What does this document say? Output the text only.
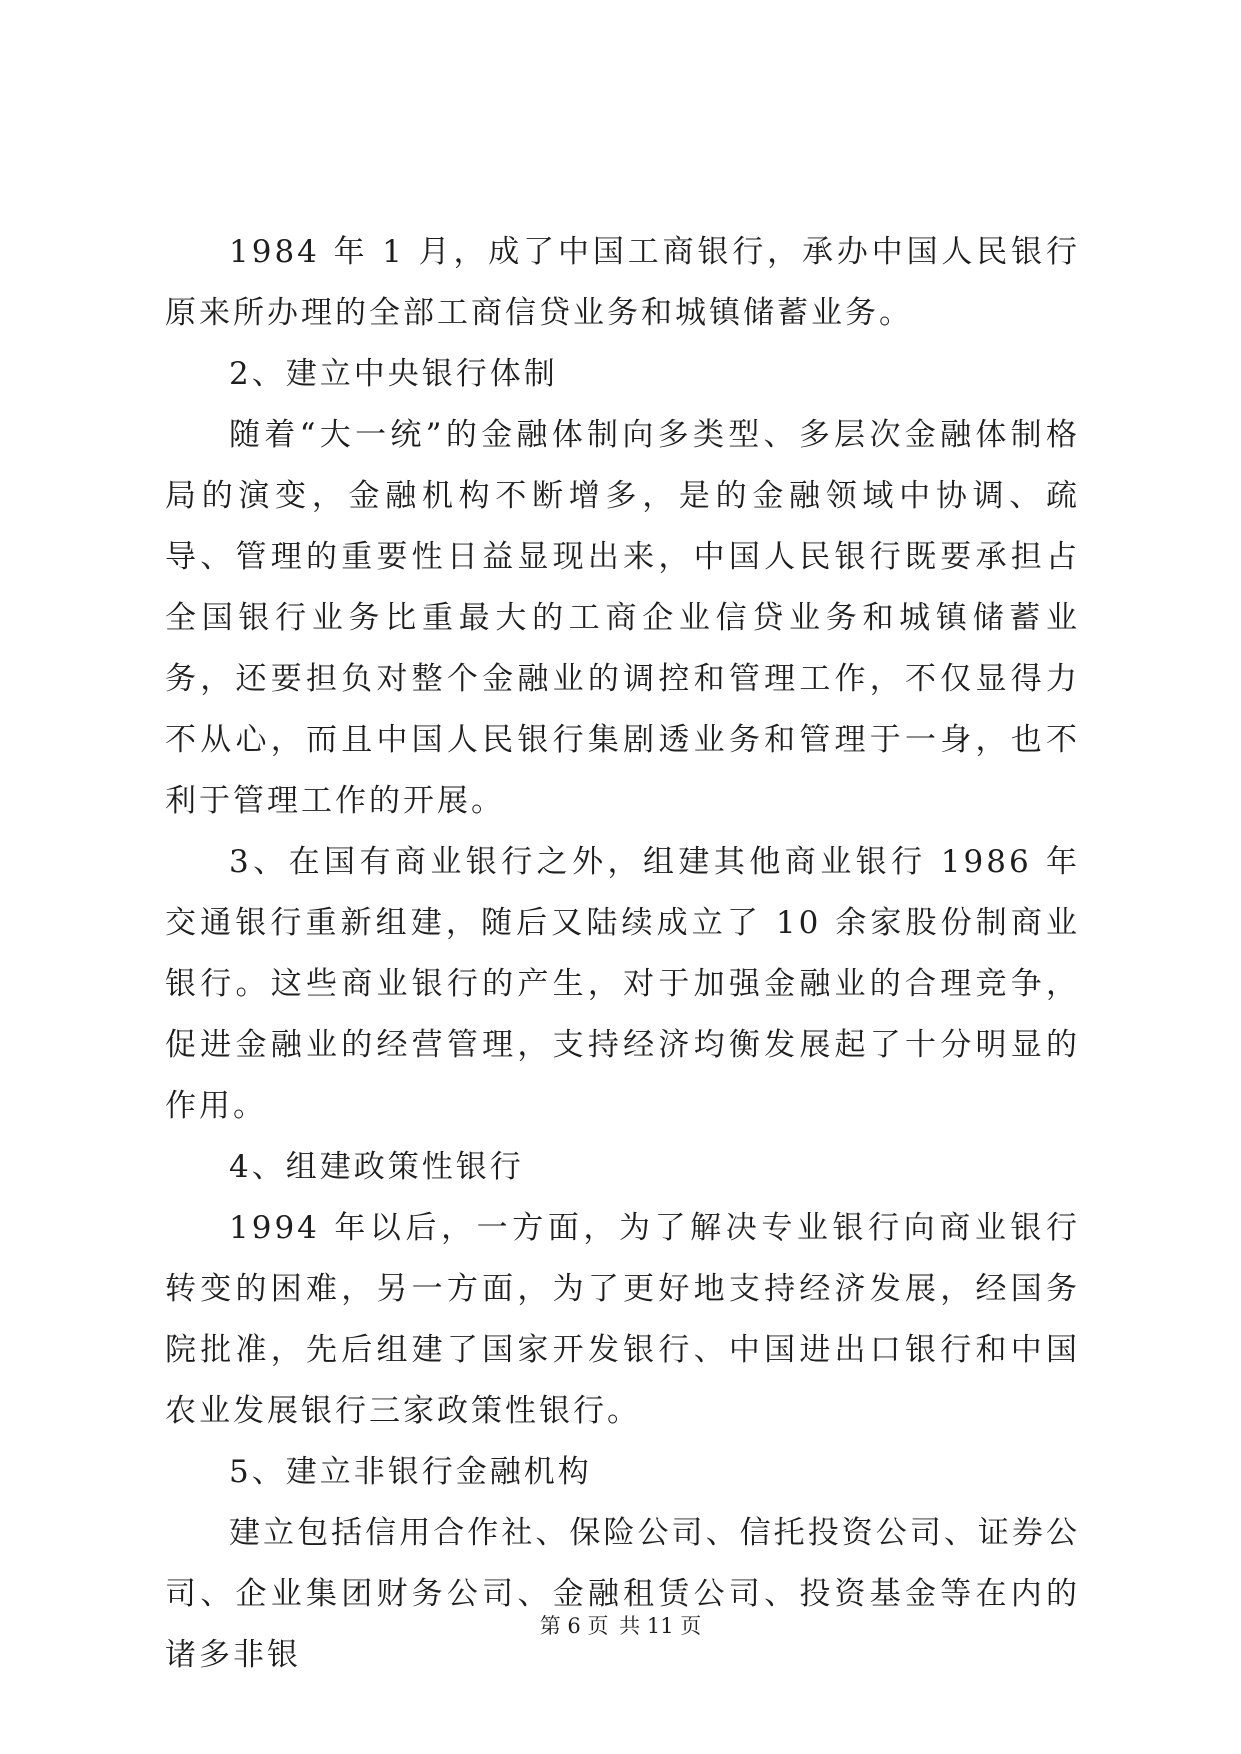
1984 年 1 月，成了中国工商银行，承办中国人民银行原来所办理的全部工商信贷业务和城镇储蓄业务。

2、建立中央银行体制

随着“大一统”的金融体制向多类型、多层次金融体制格局的演变，金融机构不断增多，是的金融领域中协调、疏导、管理的重要性日益显现出来，中国人民银行既要承担占全国银行业务比重最大的工商企业信贷业务和城镇储蓄业务，还要担负对整个金融业的调控和管理工作，不仅显得力不从心，而且中国人民银行集剧透业务和管理于一身，也不利于管理工作的开展。

3、在国有商业银行之外，组建其他商业银行 1986 年交通银行重新组建，随后又陆续成立了 10 余家股份制商业银行。这些商业银行的产生，对于加强金融业的合理竞争，促进金融业的经营管理，支持经济均衡发展起了十分明显的作用。

4、组建政策性银行

1994 年以后，一方面，为了解决专业银行向商业银行转变的困难，另一方面，为了更好地支持经济发展，经国务院批准，先后组建了国家开发银行、中国进出口银行和中国农业发展银行三家政策性银行。

5、建立非银行金融机构

建立包括信用合作社、保险公司、信托投资公司、证券公司、企业集团财务公司、金融租赁公司、投资基金等在内的诸多非银

第 6 页 共 11 页
